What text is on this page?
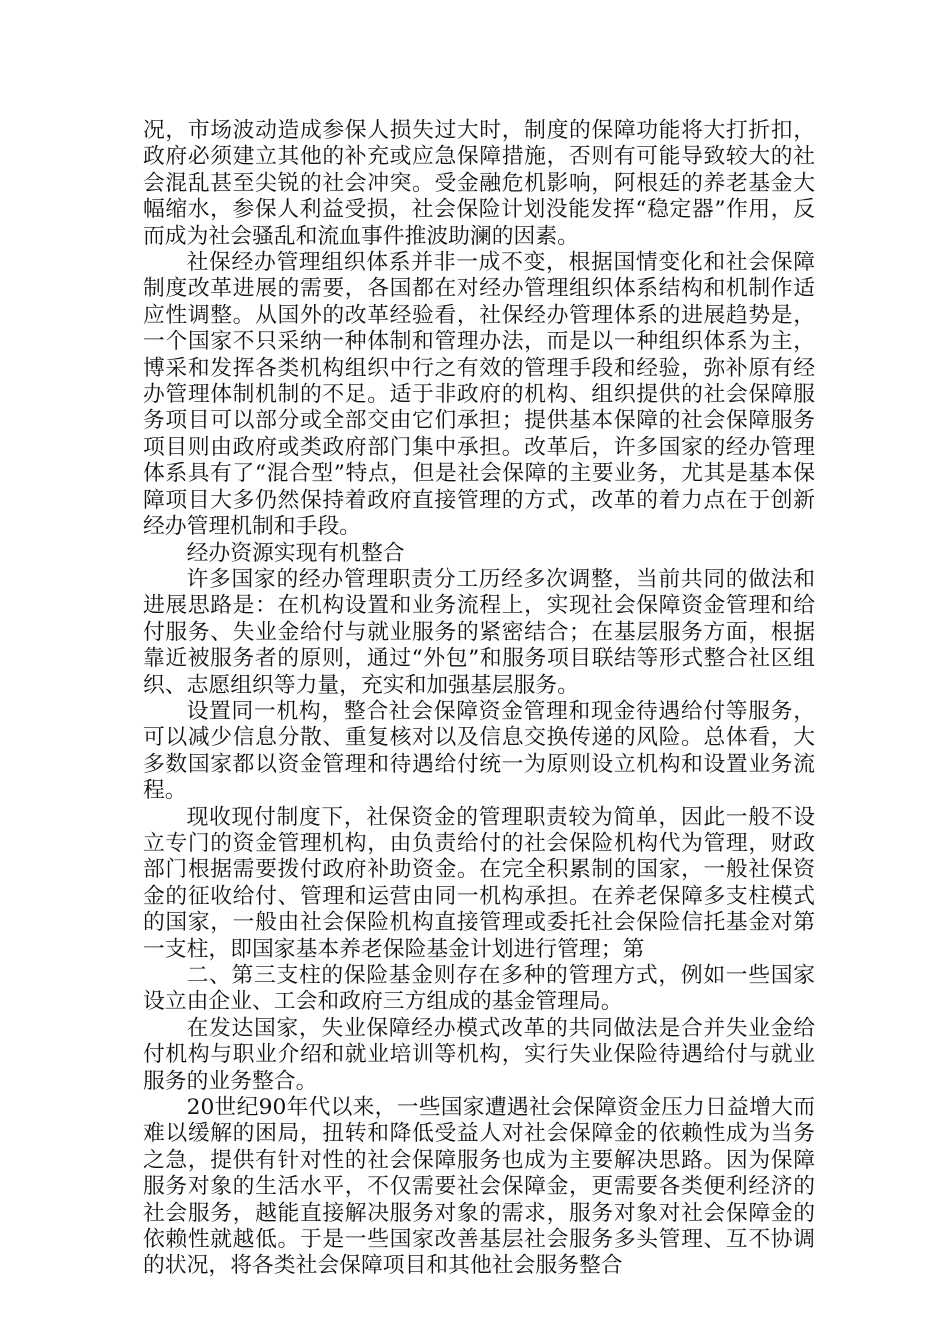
况，市场波动造成参保人损失过大时，制度的保障功能将大打折扣，政府必须建立其他的补充或应急保障措施，否则有可能导致较大的社会混乱甚至尖锐的社会冲突。受金融危机影响，阿根廷的养老基金大幅缩水，参保人利益受损，社会保险计划没能发挥“稳定器”作用，反而成为社会骚乱和流血事件推波助澜的因素。

社保经办管理组织体系并非一成不变，根据国情变化和社会保障制度改革进展的需要，各国都在对经办管理组织体系结构和机制作适应性调整。从国外的改革经验看，社保经办管理体系的进展趋势是，一个国家不只采纳一种体制和管理办法，而是以一种组织体系为主，博采和发挥各类机构组织中行之有效的管理手段和经验，弥补原有经办管理体制机制的不足。适于非政府的机构、组织提供的社会保障服务项目可以部分或全部交由它们承担；提供基本保障的社会保障服务项目则由政府或类政府部门集中承担。改革后，许多国家的经办管理体系具有了“混合型”特点，但是社会保障的主要业务，尤其是基本保障项目大多仍然保持着政府直接管理的方式，改革的着力点在于创新经办管理机制和手段。

经办资源实现有机整合

许多国家的经办管理职责分工历经多次调整，当前共同的做法和进展思路是：在机构设置和业务流程上，实现社会保障资金管理和给付服务、失业金给付与就业服务的紧密结合；在基层服务方面，根据靠近被服务者的原则，通过“外包”和服务项目联结等形式整合社区组织、志愿组织等力量，充实和加强基层服务。

设置同一机构，整合社会保障资金管理和现金待遇给付等服务，可以减少信息分散、重复核对以及信息交换传递的风险。总体看，大多数国家都以资金管理和待遇给付统一为原则设立机构和设置业务流程。

现收现付制度下，社保资金的管理职责较为简单，因此一般不设立专门的资金管理机构，由负责给付的社会保险机构代为管理，财政部门根据需要拨付政府补助资金。在完全积累制的国家，一般社保资金的征收给付、管理和运营由同一机构承担。在养老保障多支柱模式的国家，一般由社会保险机构直接管理或委托社会保险信托基金对第一支柱，即国家基本养老保险基金计划进行管理；第

二、第三支柱的保险基金则存在多种的管理方式，例如一些国家设立由企业、工会和政府三方组成的基金管理局。

在发达国家，失业保障经办模式改革的共同做法是合并失业金给付机构与职业介绍和就业培训等机构，实行失业保险待遇给付与就业服务的业务整合。

20世纪90年代以来，一些国家遭遇社会保障资金压力日益增大而难以缓解的困局，扭转和降低受益人对社会保障金的依赖性成为当务之急，提供有针对性的社会保障服务也成为主要解决思路。因为保障服务对象的生活水平，不仅需要社会保障金，更需要各类便利经济的社会服务，越能直接解决服务对象的需求，服务对象对社会保障金的依赖性就越低。于是一些国家改善基层社会服务多头管理、互不协调的状况，将各类社会保障项目和其他社会服务整合
